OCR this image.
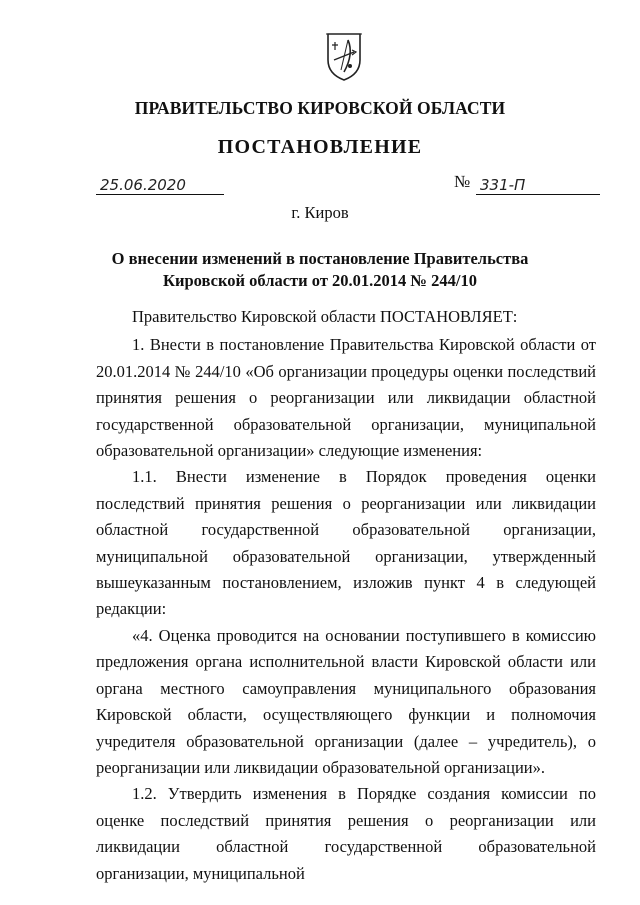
ПРАВИТЕЛЬСТВО КИРОВСКОЙ ОБЛАСТИ
ПОСТАНОВЛЕНИЕ
25.06.2020	№ 331-П
г. Киров
О внесении изменений в постановление Правительства
Кировской области от 20.01.2014 № 244/10

Правительство Кировской области ПОСТАНОВЛЯЕТ:

1. Внести в постановление Правительства Кировской области от 20.01.2014 № 244/10 «Об организации процедуры оценки последствий принятия решения о реорганизации или ликвидации областной государственной образовательной организации, муниципальной образовательной организации» следующие изменения:

1.1. Внести изменение в Порядок проведения оценки последствий принятия решения о реорганизации или ликвидации областной государственной образовательной организации, муниципальной образовательной организации, утвержденный вышеуказанным постановлением, изложив пункт 4 в следующей редакции:

«4. Оценка проводится на основании поступившего в комиссию предложения органа исполнительной власти Кировской области или органа местного самоуправления муниципального образования Кировской области, осуществляющего функции и полномочия учредителя образовательной организации (далее – учредитель), о реорганизации или ликвидации образовательной организации».

1.2. Утвердить изменения в Порядке создания комиссии по оценке последствий принятия решения о реорганизации или ликвидации областной государственной образовательной организации, муниципальной
